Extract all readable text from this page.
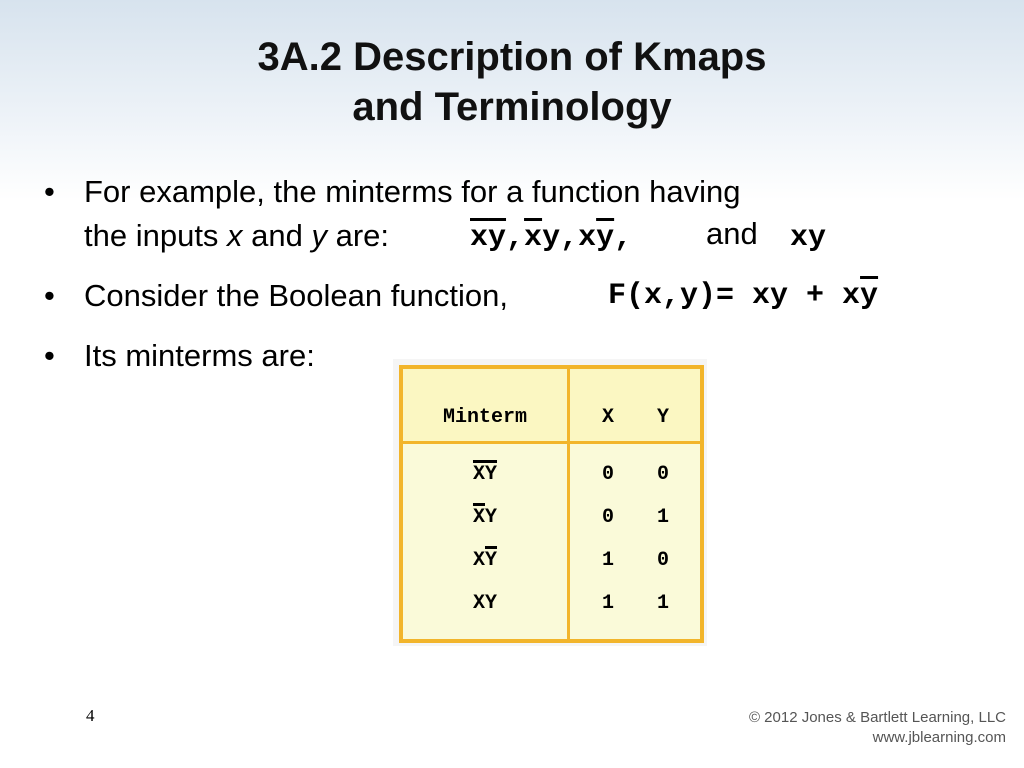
3A.2 Description of Kmaps
and Terminology
• For example, the minterms for a function having
the inputs x and y are:	$\overline{x}\overline{y},\overline{x}y,x\overline{y}$, and xy
• Consider the Boolean function,	F(x,y)= xy + $x\overline{y}$
• Its minterms are:
Minterm	X	Y
$\overline{X}\overline{Y}$	0	0
$\overline{X}Y$	0	1
$X\overline{Y}$	1	0
XY	1	1
4	© 2012 Jones & Bartlett Learning, LLC
www.jblearning.com
